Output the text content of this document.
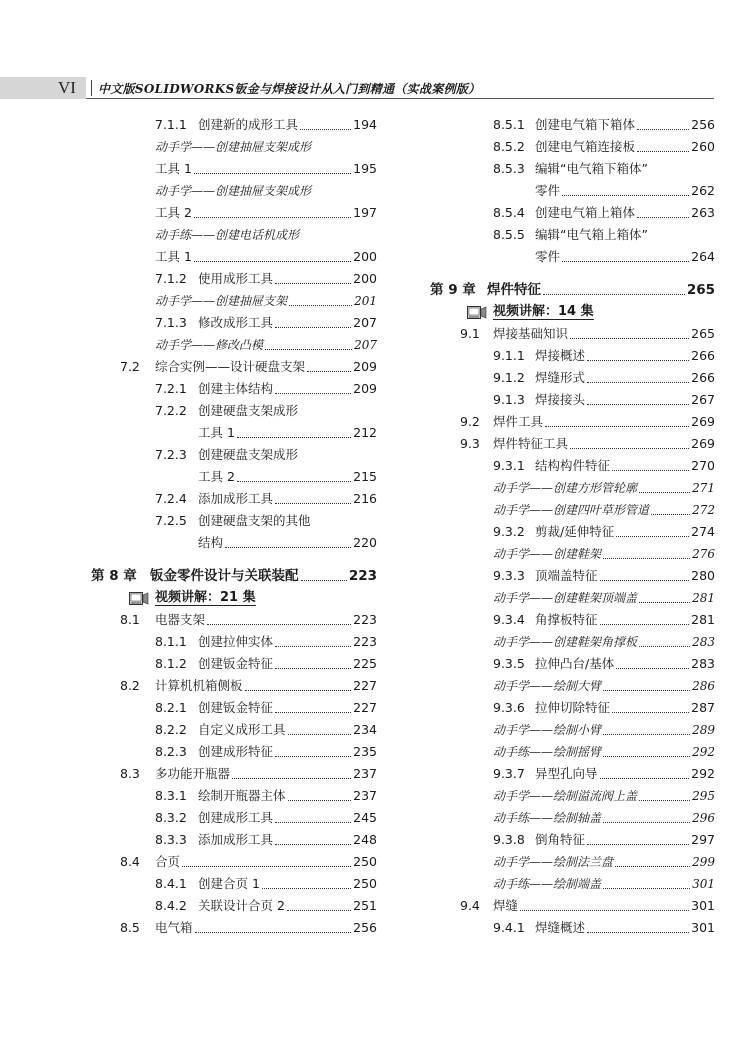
VI 中文版SOLIDWORKS钣金与焊接设计从入门到精通（实战案例版）
7.1.1 创建新的成形工具	194
动手学——创建抽屉支架成形
工具 1	195
动手学——创建抽屉支架成形
工具 2	197
动手练——创建电话机成形
工具 1	200
7.1.2 使用成形工具	200
动手学——创建抽屉支架	201
7.1.3 修改成形工具	207
动手学——修改凸模	207
7.2 综合实例——设计硬盘支架	209
7.2.1 创建主体结构	209
7.2.2 创建硬盘支架成形
工具 1	212
7.2.3 创建硬盘支架成形
工具 2	215
7.2.4 添加成形工具	216
7.2.5 创建硬盘支架的其他
结构	220
第 8 章 钣金零件设计与关联装配	223
视频讲解：21 集
8.1 电器支架	223
8.1.1 创建拉伸实体	223
8.1.2 创建钣金特征	225
8.2 计算机机箱侧板	227
8.2.1 创建钣金特征	227
8.2.2 自定义成形工具	234
8.2.3 创建成形特征	235
8.3 多功能开瓶器	237
8.3.1 绘制开瓶器主体	237
8.3.2 创建成形工具	245
8.3.3 添加成形工具	248
8.4 合页	250
8.4.1 创建合页 1	250
8.4.2 关联设计合页 2	251
8.5 电气箱	256
8.5.1 创建电气箱下箱体	256
8.5.2 创建电气箱连接板	260
8.5.3 编辑“电气箱下箱体”
零件	262
8.5.4 创建电气箱上箱体	263
8.5.5 编辑“电气箱上箱体”
零件	264
第 9 章 焊件特征	265
视频讲解：14 集
9.1 焊接基础知识	265
9.1.1 焊接概述	266
9.1.2 焊缝形式	266
9.1.3 焊接接头	267
9.2 焊件工具	269
9.3 焊件特征工具	269
9.3.1 结构构件特征	270
动手学——创建方形管轮廓	271
动手学——创建四叶草形管道	272
9.3.2 剪裁/延伸特征	274
动手学——创建鞋架	276
9.3.3 顶端盖特征	280
动手学——创建鞋架顶端盖	281
9.3.4 角撑板特征	281
动手学——创建鞋架角撑板	283
9.3.5 拉伸凸台/基体	283
动手学——绘制大臂	286
9.3.6 拉伸切除特征	287
动手学——绘制小臂	289
动手练——绘制摇臂	292
9.3.7 异型孔向导	292
动手学——绘制溢流阀上盖	295
动手练——绘制轴盖	296
9.3.8 倒角特征	297
动手学——绘制法兰盘	299
动手练——绘制端盖	301
9.4 焊缝	301
9.4.1 焊缝概述	301
